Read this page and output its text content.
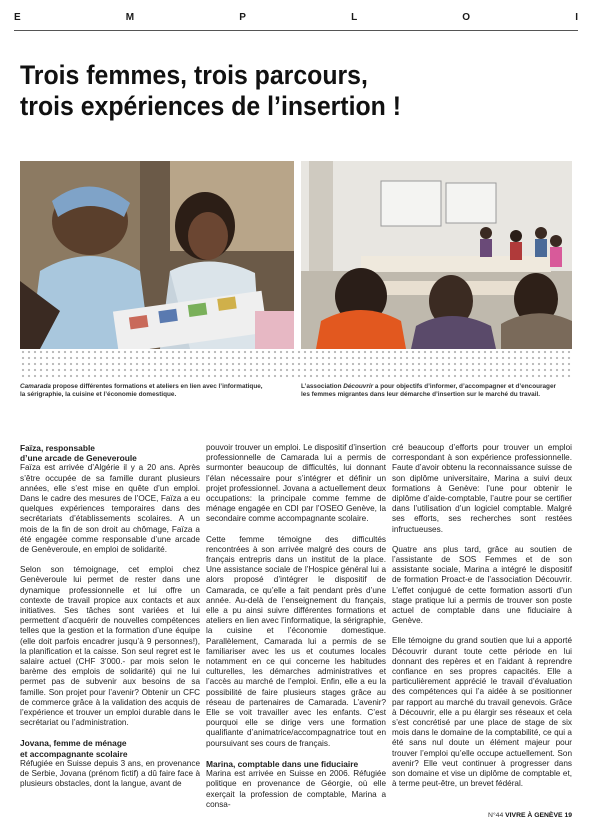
E	M	P	L	O	I
Trois femmes, trois parcours,
trois expériences de l’insertion !
Camarada propose différentes formations et ateliers en lien avec l’informatique,
la sérigraphie, la cuisine et l’économie domestique.
L’association Découvrir a pour objectifs d’informer, d’accompagner et d’encourager
les femmes migrantes dans leur démarche d’insertion sur le marché du travail.
Faïza, responsable
d’une arcade de Geneveroule

Faïza est arrivée d’Algérie il y a 20 ans. Après s’être occupée de sa famille durant plusieurs années, elle s’est mise en quête d’un emploi. Dans le cadre des mesures de l’OCE, Faïza a eu quelques expériences temporaires dans des secrétariats d’établissements scolaires. A un mois de la fin de son droit au chômage, Faïza a été engagée comme responsable d’une arcade de Genèveroule, en emploi de solidarité.

Selon son témoignage, cet emploi chez Genèveroule lui permet de rester dans une dynamique professionnelle et lui offre un contexte de travail propice aux contacts et aux initiatives. Ses tâches sont variées et lui permettent d’acquérir de nouvelles compétences telles que la gestion et la formation d’une équipe (elle doit parfois encadrer jusqu’à 9 personnes!), la planification et la caisse. Son seul regret est le salaire actuel (CHF 3’000.- par mois selon le barème des emplois de solidarité) qui ne lui permet pas de subvenir aux besoins de sa famille. Son projet pour l’avenir? Obtenir un CFC de commerce grâce à la validation des acquis de l’expérience et trouver un emploi durable dans le secrétariat ou l’administration.

Jovana, femme de ménage
et accompagnante scolaire

Réfugiée en Suisse depuis 3 ans, en provenance de Serbie, Jovana (prénom fictif) a dû faire face à plusieurs obstacles, dont la langue, avant de

pouvoir trouver un emploi. Le dispositif d’insertion professionnelle de Camarada lui a permis de surmonter beaucoup de difficultés, lui donnant l’élan nécessaire pour s’intégrer et définir un projet professionnel. Jovana a actuellement deux occupations: la principale comme femme de ménage engagée en CDI par l’OSEO Genève, la secondaire comme accompagnante scolaire.

Cette femme témoigne des difficultés rencontrées à son arrivée malgré des cours de français entrepris dans un institut de la place. Une assistance sociale de l’Hospice général lui a alors proposé d’intégrer le dispositif de Camarada, ce qu’elle a fait pendant près d’une année. Au-delà de l’enseignement du français, elle a pu ainsi suivre différentes formations et ateliers en lien avec l’informatique, la sérigraphie, la cuisine et l’économie domestique. Parallèlement, Camarada lui a permis de se familiariser avec les us et coutumes locales notamment en ce qui concerne les habitudes culturelles, les démarches administratives et l’accès au marché de l’emploi. Enfin, elle a eu la possibilité de faire plusieurs stages grâce au réseau de partenaires de Camarada. L’avenir? Elle se voit travailler avec les enfants. C’est pourquoi elle se dirige vers une formation qualifiante d’animatrice/accompagnatrice tout en poursuivant ses cours de français.

Marina, comptable dans une fiduciaire

Marina est arrivée en Suisse en 2006. Réfugiée politique en provenance de Géorgie, où elle exerçait la profession de comptable, Marina a consa-

cré beaucoup d’efforts pour trouver un emploi correspondant à son expérience professionnelle. Faute d’avoir obtenu la reconnaissance suisse de son diplôme universitaire, Marina a suivi deux formations à Genève: l’une pour obtenir le diplôme d’aide-comptable, l’autre pour se certifier dans l’utilisation d’un logiciel comptable. Malgré ses efforts, ses recherches sont restées infructueuses.

Quatre ans plus tard, grâce au soutien de l’assistante de SOS Femmes et de son assistante sociale, Marina a intégré le dispositif de formation Proact-e de l’association Découvrir. L’effet conjugué de cette formation assorti d’un stage pratique lui a permis de trouver son poste actuel de comptable dans une fiduciaire à Genève.

Elle témoigne du grand soutien que lui a apporté Découvrir durant toute cette période en lui donnant des repères et en l’aidant à reprendre confiance en ses propres capacités. Elle a particulièrement apprécié le travail d’évaluation des compétences qui l’a aidée à se positionner par rapport au marché du travail genevois. Grâce à Découvrir, elle a pu élargir ses réseaux et cela s’est concrétisé par une place de stage de six mois dans le domaine de la comptabilité, ce qui a été sans nul doute un élément majeur pour trouver l’emploi qu’elle occupe actuellement. Son avenir? Elle veut continuer à progresser dans son domaine et vise un diplôme de comptable et, à terme peut-être, un brevet fédéral.

N°44 VIVRE À GENÈVE 19
